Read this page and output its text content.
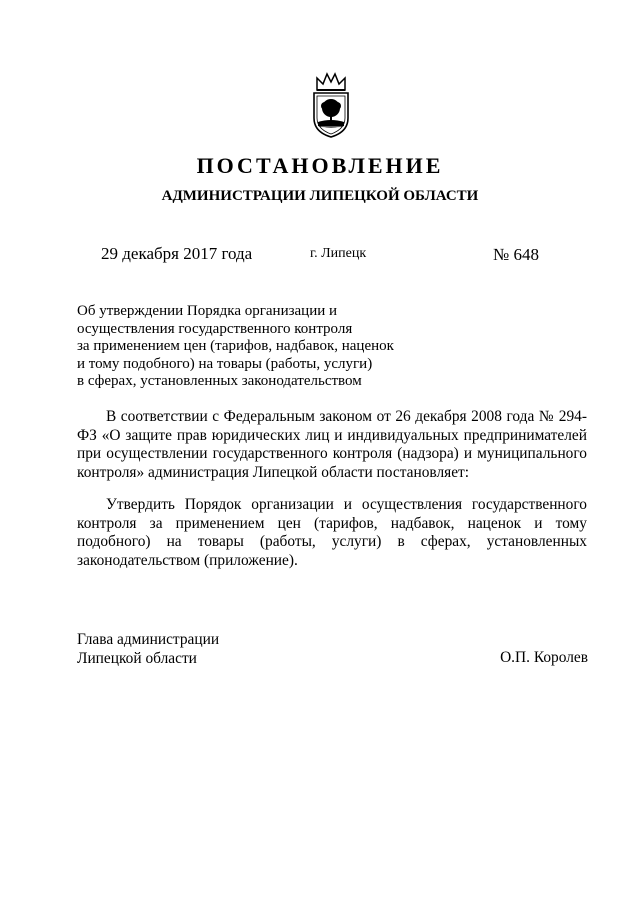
ПОСТАНОВЛЕНИЕ
АДМИНИСТРАЦИИ ЛИПЕЦКОЙ ОБЛАСТИ
29 декабря 2017 года	г. Липецк	№ 648
Об утверждении Порядка организации и
осуществления государственного контроля
за применением цен (тарифов, надбавок, наценок
и тому подобного) на товары (работы, услуги)
в сферах, установленных законодательством
В соответствии с Федеральным законом от 26 декабря 2008 года № 294-ФЗ «О защите прав юридических лиц и индивидуальных предпринимателей при осуществлении государственного контроля (надзора) и муниципального контроля» администрация Липецкой области постановляет:
Утвердить Порядок организации и осуществления государственного контроля за применением цен (тарифов, надбавок, наценок и тому подобного) на товары (работы, услуги) в сферах, установленных законодательством (приложение).
Глава администрации
Липецкой области	О.П. Королев
